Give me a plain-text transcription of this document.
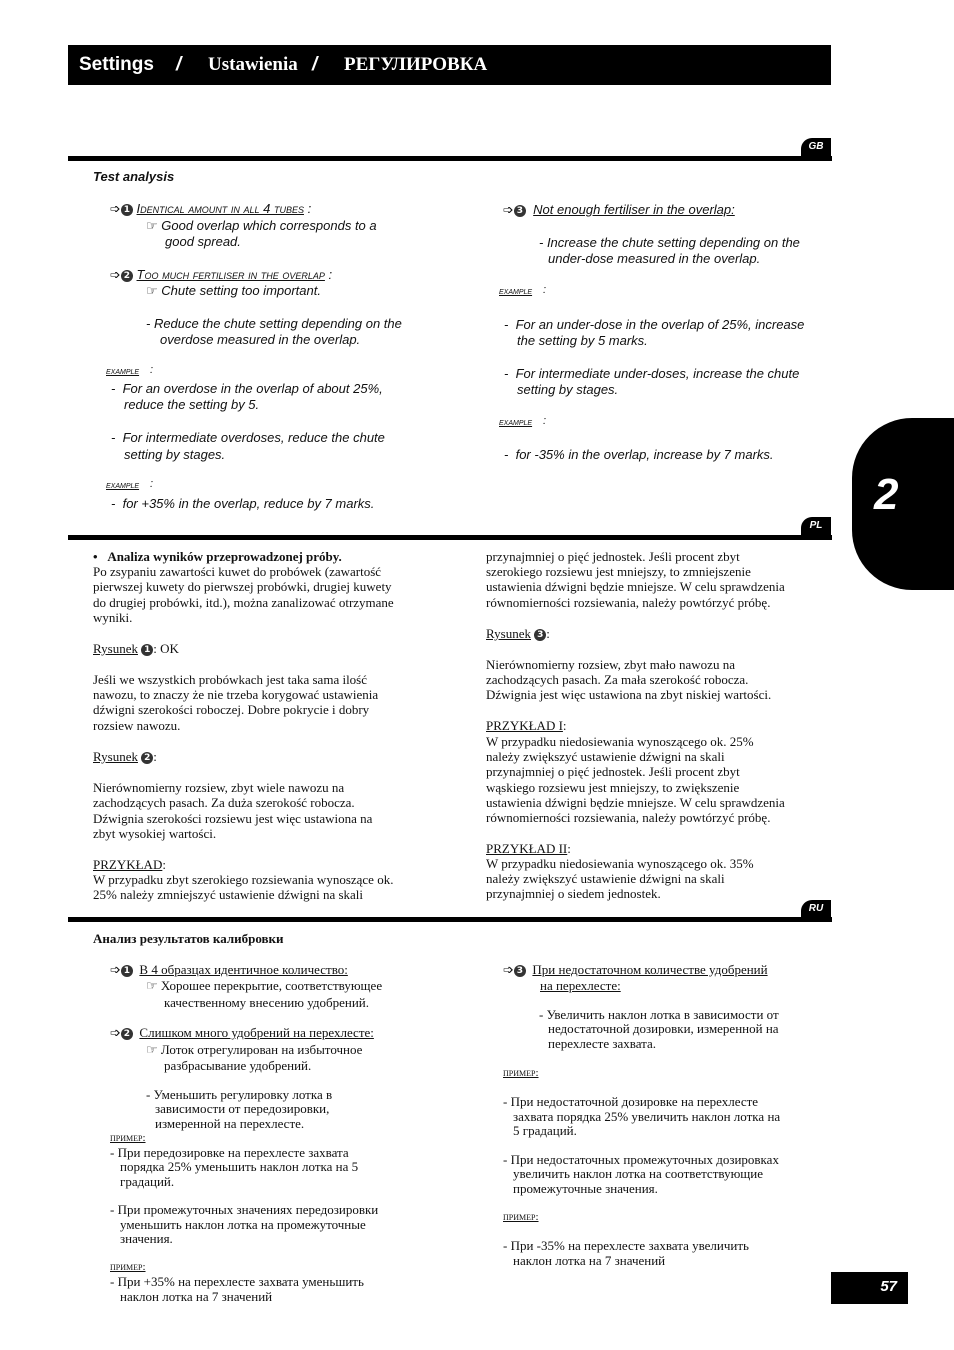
Settings / Ustawienia / РЕГУЛИРОВКА
2
GB
Test analysis
➩ 1 Identical amount in all 4 tubes :
☞ Good overlap which corresponds to a
good spread.
➩ 2 Too much fertiliser in the overlap :
☞ Chute setting too important.
- Reduce the chute setting depending on the
overdose measured in the overlap.
example :
- For an overdose in the overlap of about 25%,
reduce the setting by 5.
- For intermediate overdoses, reduce the chute
setting by stages.
example :
- for +35% in the overlap, reduce by 7 marks.
➩ 3 Not enough fertiliser in the overlap:
- Increase the chute setting depending on the
under-dose measured in the overlap.
example :
- For an under-dose in the overlap of 25%, increase
the setting by 5 marks.
- For intermediate under-doses, increase the chute
setting by stages.
example :
- for -35% in the overlap, increase by 7 marks.
PL
• Analiza wyników przeprowadzonej próby.
Po zsypaniu zawartości kuwet do probówek (zawartość
pierwszej kuwety do pierwszej probówki, drugiej kuwety
do drugiej probówki, itd.), można zanalizować otrzymane
wyniki.
Rysunek 1 : OK
Jeśli we wszystkich probówkach jest taka sama ilość
nawozu, to znaczy że nie trzeba korygować ustawienia
dźwigni szerokości roboczej. Dobre pokrycie i dobry
rozsiew nawozu.
Rysunek 2 :
Nierównomierny rozsiew, zbyt wiele nawozu na
zachodzących pasach. Za duża szerokość robocza.
Dźwignia szerokości rozsiewu jest więc ustawiona na
zbyt wysokiej wartości.
PRZYKŁAD:
W przypadku zbyt szerokiego rozsiewania wynoszące ok.
25% należy zmniejszyć ustawienie dźwigni na skali
przynajmniej o pięć jednostek. Jeśli procent zbyt
szerokiego rozsiewu jest mniejszy, to zmniejszenie
ustawienia dźwigni będzie mniejsze. W celu sprawdzenia
równomierności rozsiewania, należy powtórzyć próbę.
Rysunek 3 :
Nierównomierny rozsiew, zbyt mało nawozu na
zachodzących pasach. Za mała szerokość robocza.
Dźwignia jest więc ustawiona na zbyt niskiej wartości.
PRZYKŁAD I:
W przypadku niedosiewania wynoszącego ok. 25%
należy zwiększyć ustawienie dźwigni na skali
przynajmniej o pięć jednostek. Jeśli procent zbyt
wąskiego rozsiewu jest mniejszy, to zwiększenie
ustawienia dźwigni będzie mniejsze. W celu sprawdzenia
równomierności rozsiewania, należy powtórzyć próbę.
PRZYKŁAD II:
W przypadku niedosiewania wynoszącego ok. 35%
należy zwiększyć ustawienie dźwigni na skali
przynajmniej o siedem jednostek.
RU
Анализ результатов калибровки
➩ 1 В 4 образцах идентичное количество:
☞ Хорошее перекрытие, соответствующее
качественному внесению удобрений.
➩ 2 Слишком много удобрений на перехлесте:
☞ Лоток отрегулирован на избыточное
разбрасывание удобрений.
- Уменьшить регулировку лотка в
зависимости от передозировки,
измеренной на перехлесте.
пример:
- При передозировке на перехлесте захвата
порядка 25% уменьшить наклон лотка на 5
градаций.
- При промежуточных значениях передозировки
уменьшить наклон лотка на промежуточные
значения.
пример:
- При +35% на перехлесте захвата уменьшить
наклон лотка на 7 значений
➩ 3 При недостаточном количестве удобрений
на перехлесте:
- Увеличить наклон лотка в зависимости от
недостаточной дозировки, измеренной на
перехлесте захвата.
пример:
- При недостаточной дозировке на перехлесте
захвата порядка 25% увеличить наклон лотка на
5 градаций.
- При недостаточных промежуточных дозировках
увеличить наклон лотка на соответствующие
промежуточные значения.
пример:
- При -35% на перехлесте захвата увеличить
наклон лотка на 7 значений
57
